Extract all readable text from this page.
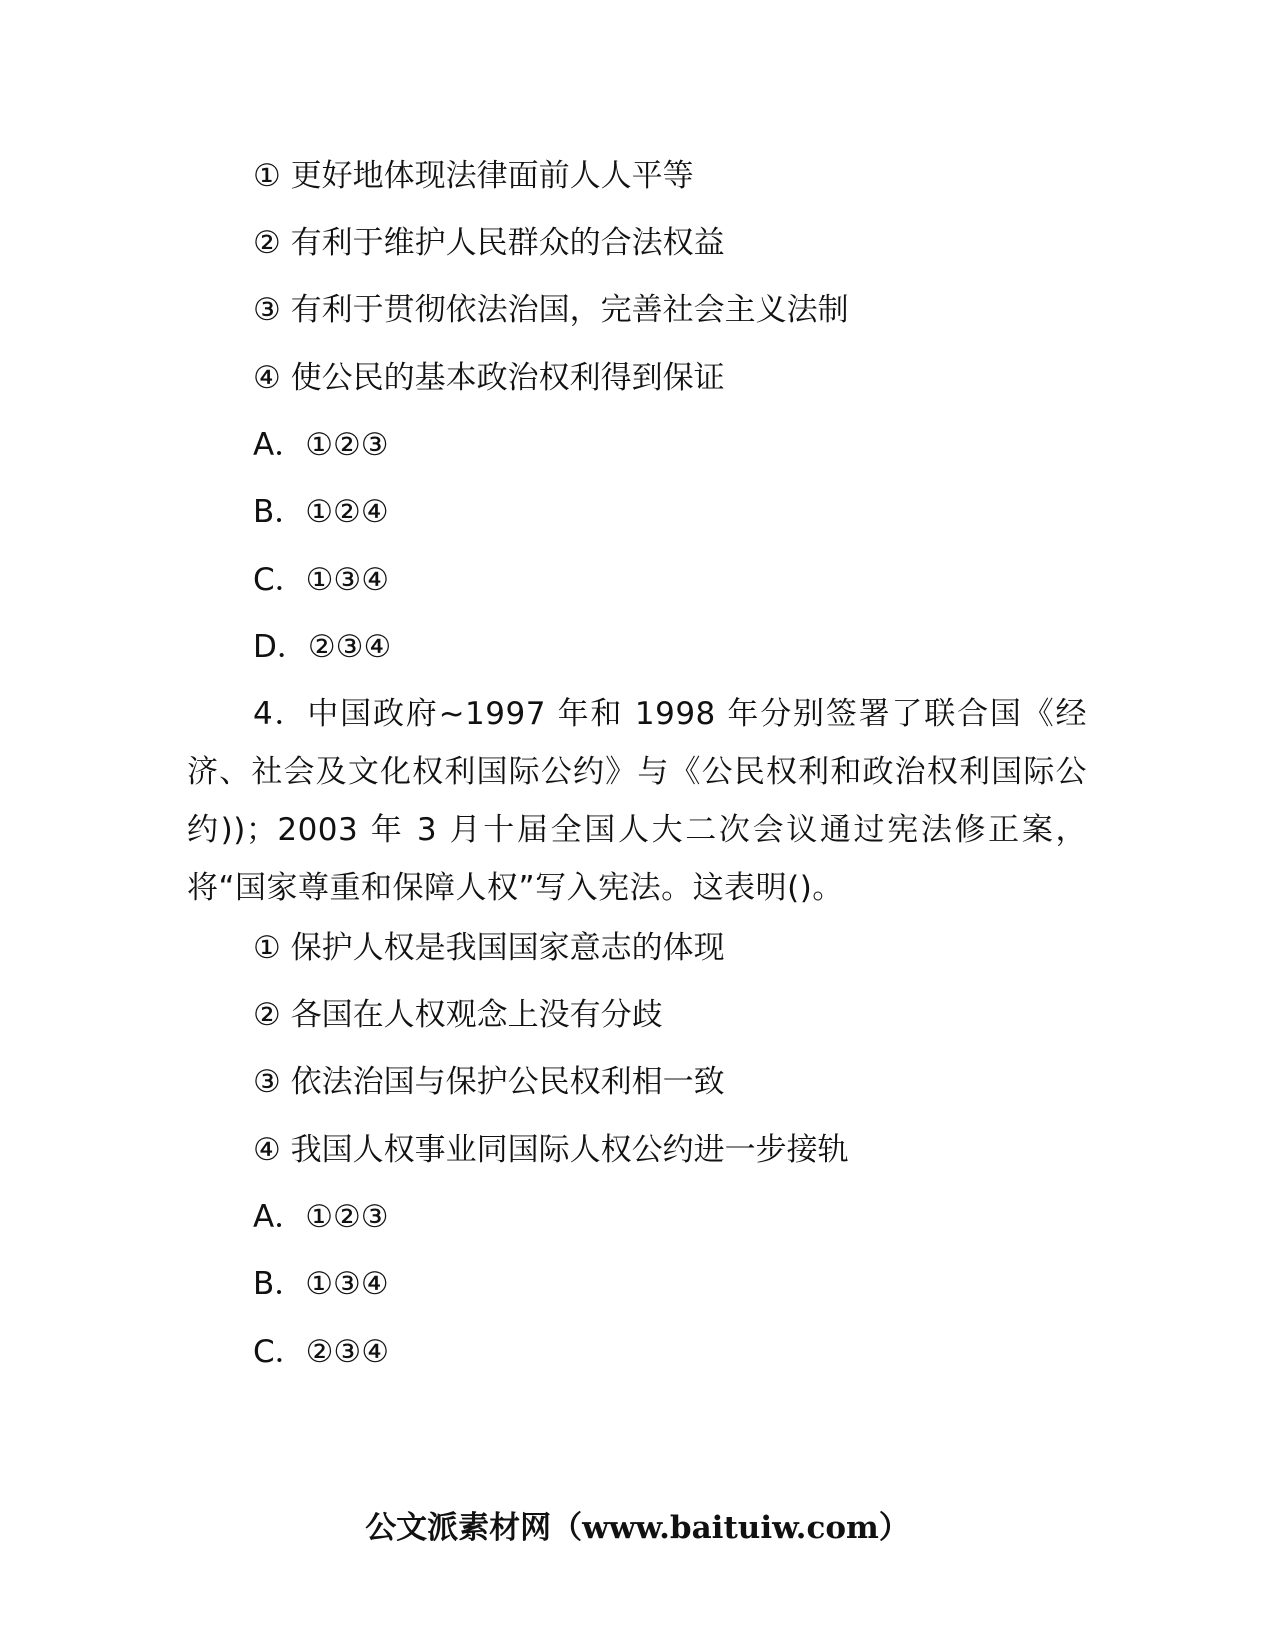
① 更好地体现法律面前人人平等
② 有利于维护人民群众的合法权益
③ 有利于贯彻依法治国，完善社会主义法制
④ 使公民的基本政治权利得到保证
A．①②③
B．①②④
C．①③④
D．②③④
4．中国政府~1997 年和 1998 年分别签署了联合国《经济、社会及文化权利国际公约》与《公民权利和政治权利国际公约))；2003 年 3 月十届全国人大二次会议通过宪法修正案，将“国家尊重和保障人权”写入宪法。这表明()。
① 保护人权是我国国家意志的体现
② 各国在人权观念上没有分歧
③ 依法治国与保护公民权利相一致
④ 我国人权事业同国际人权公约进一步接轨
A．①②③
B．①③④
C．②③④
公文派素材网（www.baituiw.com）
